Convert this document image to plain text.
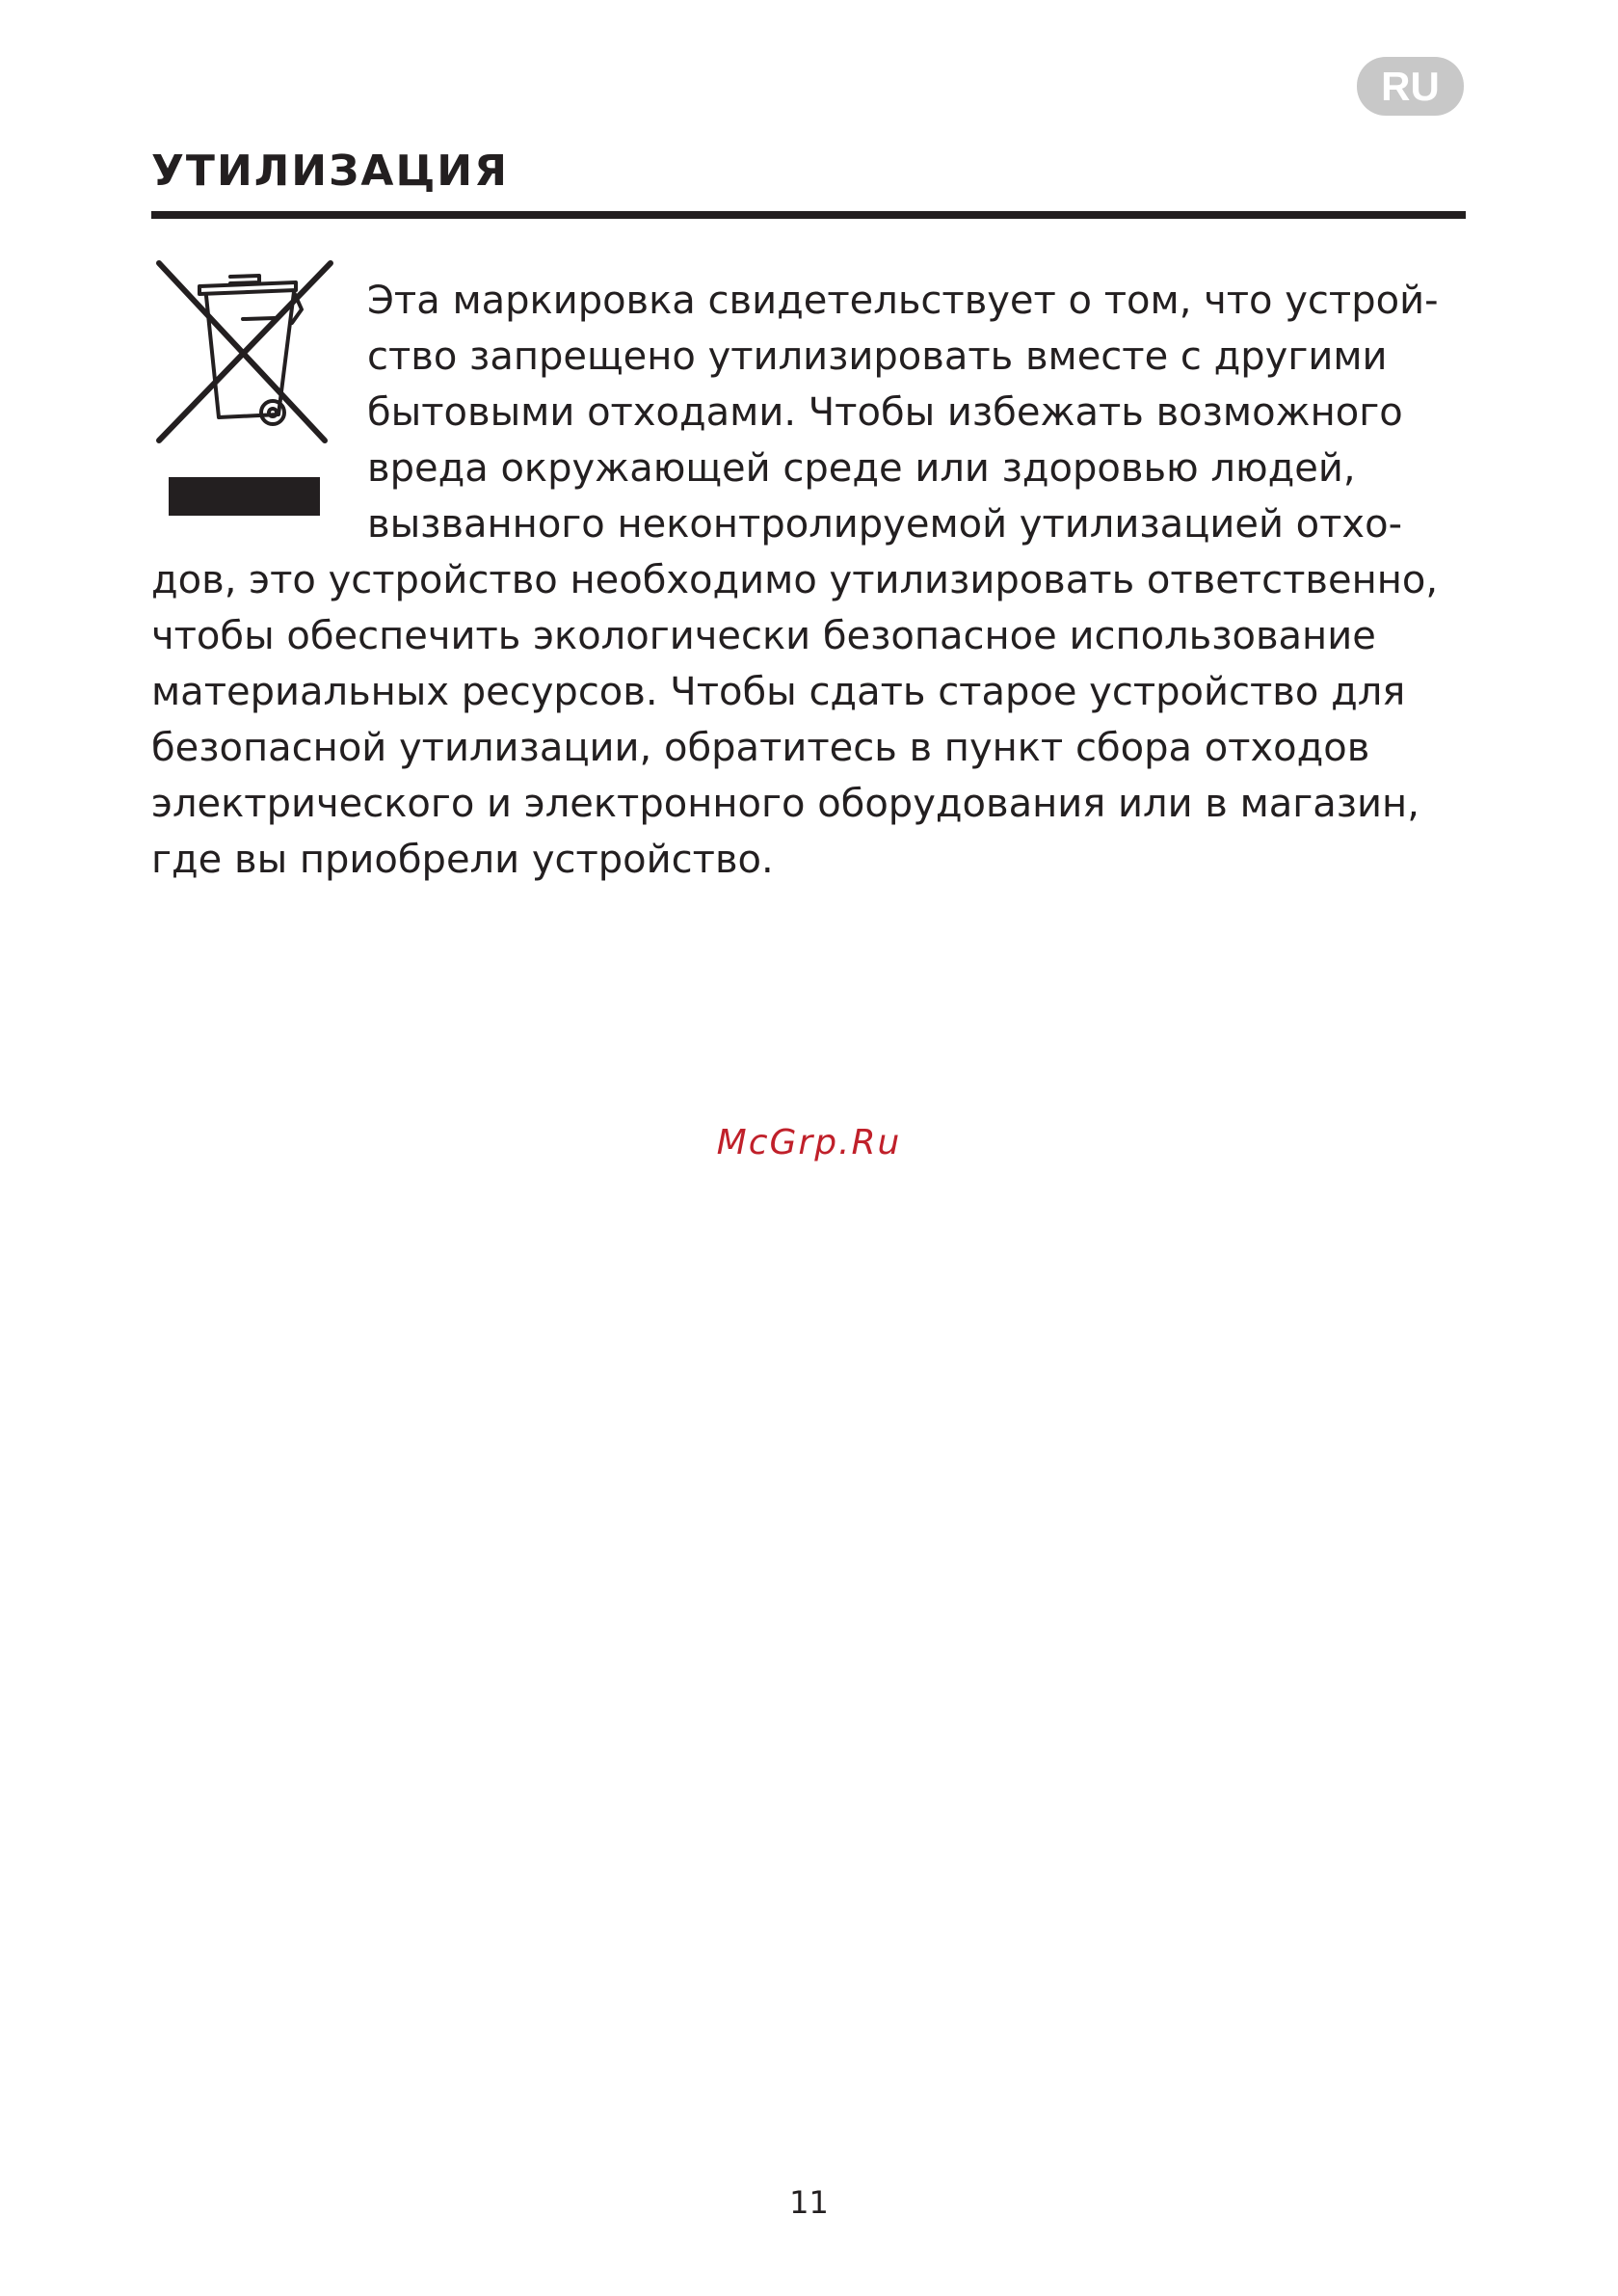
RU
УТИЛИЗАЦИЯ

Эта маркировка свидетельствует о том, что устрой-
ство запрещено утилизировать вместе с другими
бытовыми отходами. Чтобы избежать возможного
вреда окружающей среде или здоровью людей,
вызванного неконтролируемой утилизацией отхо-
дов, это устройство необходимо утилизировать ответственно,
чтобы обеспечить экологически безопасное использование
материальных ресурсов. Чтобы сдать старое устройство для
безопасной утилизации, обратитесь в пункт сбора отходов
электрического и электронного оборудования или в магазин,
где вы приобрели устройство.

McGrp.Ru
11
